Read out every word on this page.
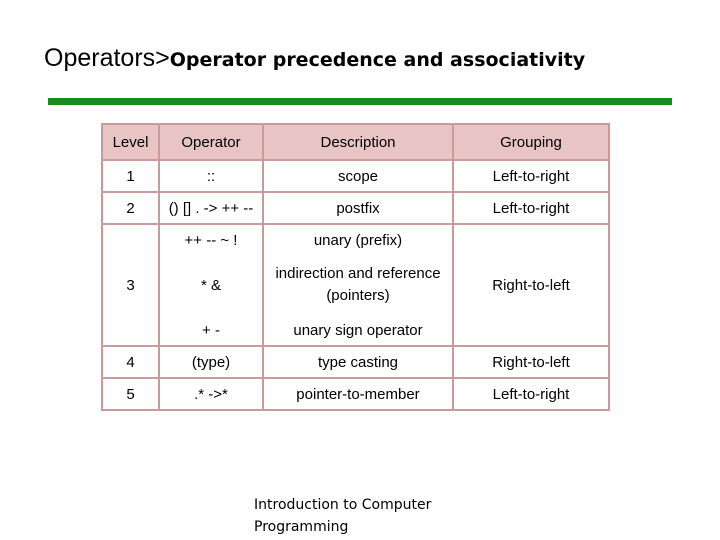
Operators>Operator precedence and associativity
Level	Operator	Description	Grouping
1	::	scope	Left-to-right
2	() [] . -> ++ --	postfix	Left-to-right
3	++ -- ~ !	unary (prefix)	Right-to-left
	* &	indirection and reference (pointers)	
	+ -	unary sign operator	
4	(type)	type casting	Right-to-left
5	.* ->*	pointer-to-member	Left-to-right
Introduction to Computer
Programming
